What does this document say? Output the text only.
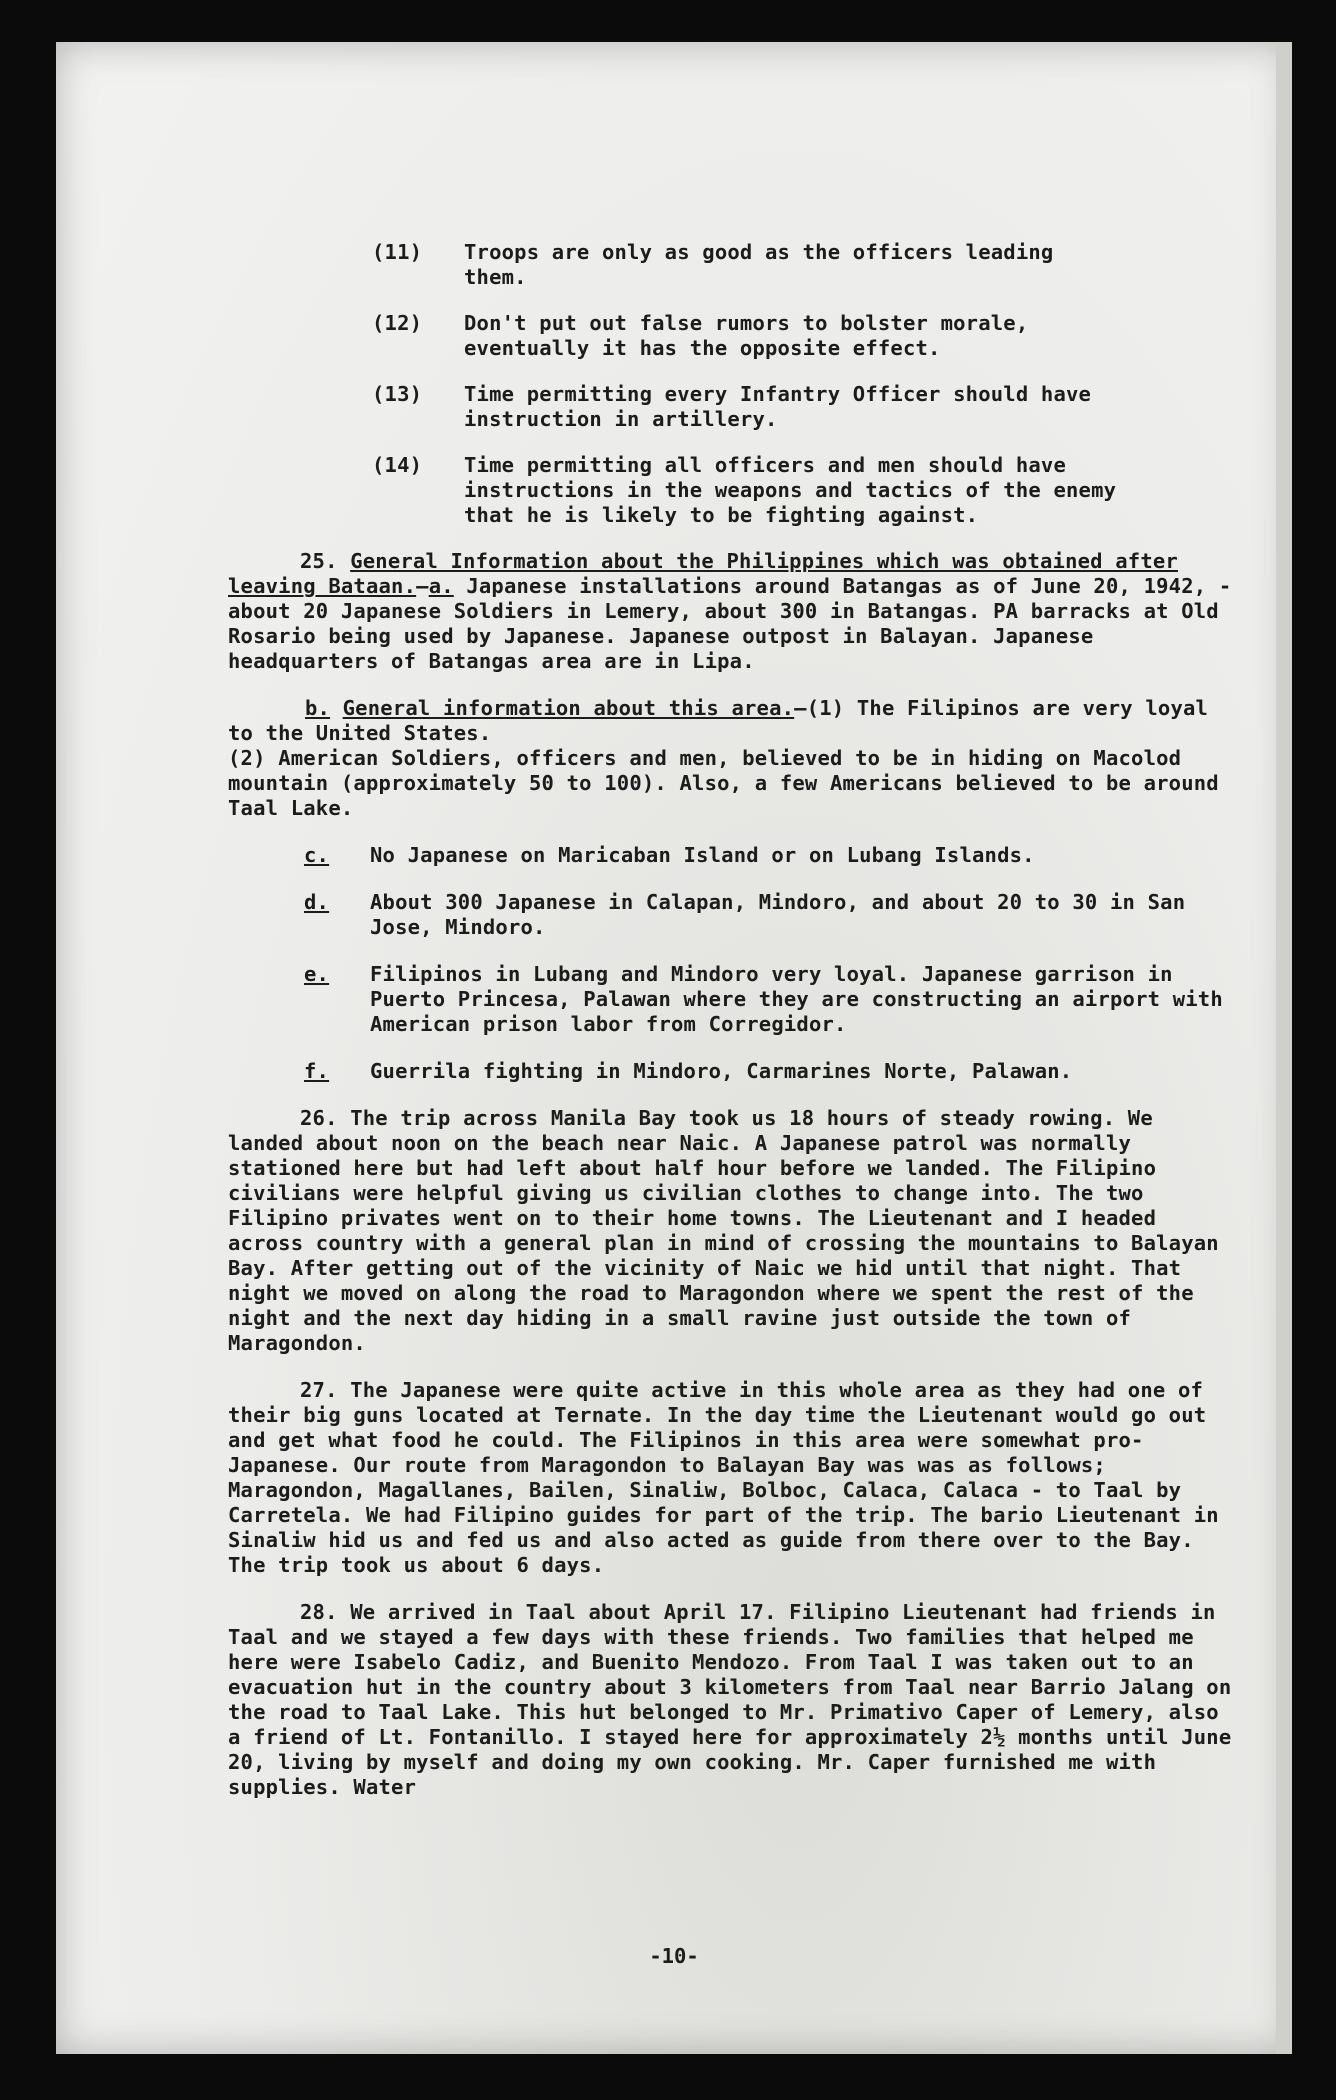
(11) Troops are only as good as the officers leading them.
(12) Don't put out false rumors to bolster morale, eventually it has the opposite effect.
(13) Time permitting every Infantry Officer should have instruction in artillery.
(14) Time permitting all officers and men should have instructions in the weapons and tactics of the enemy that he is likely to be fighting against.

25. General Information about the Philippines which was obtained after leaving Bataan.—a. Japanese installations around Batangas as of June 20, 1942, - about 20 Japanese Soldiers in Lemery, about 300 in Batangas. PA barracks at Old Rosario being used by Japanese. Japanese outpost in Balayan. Japanese headquarters of Batangas area are in Lipa.

b. General information about this area.—(1) The Filipinos are very loyal to the United States.
(2) American Soldiers, officers and men, believed to be in hiding on Macolod mountain (approximately 50 to 100). Also, a few Americans believed to be around Taal Lake.

c. No Japanese on Maricaban Island or on Lubang Islands.
d. About 300 Japanese in Calapan, Mindoro, and about 20 to 30 in San Jose, Mindoro.
e. Filipinos in Lubang and Mindoro very loyal. Japanese garrison in Puerto Princesa, Palawan where they are constructing an airport with American prison labor from Corregidor.
f. Guerrila fighting in Mindoro, Carmarines Norte, Palawan.

26. The trip across Manila Bay took us 18 hours of steady rowing. We landed about noon on the beach near Naic. A Japanese patrol was normally stationed here but had left about half hour before we landed. The Filipino civilians were helpful giving us civilian clothes to change into. The two Filipino privates went on to their home towns. The Lieutenant and I headed across country with a general plan in mind of crossing the mountains to Balayan Bay. After getting out of the vicinity of Naic we hid until that night. That night we moved on along the road to Maragondon where we spent the rest of the night and the next day hiding in a small ravine just outside the town of Maragondon.

27. The Japanese were quite active in this whole area as they had one of their big guns located at Ternate. In the day time the Lieutenant would go out and get what food he could. The Filipinos in this area were somewhat pro-Japanese. Our route from Maragondon to Balayan Bay was was as follows; Maragondon, Magallanes, Bailen, Sinaliw, Bolboc, Calaca, Calaca - to Taal by Carretela. We had Filipino guides for part of the trip. The bario Lieutenant in Sinaliw hid us and fed us and also acted as guide from there over to the Bay. The trip took us about 6 days.

28. We arrived in Taal about April 17. Filipino Lieutenant had friends in Taal and we stayed a few days with these friends. Two families that helped me here were Isabelo Cadiz, and Buenito Mendozo. From Taal I was taken out to an evacuation hut in the country about 3 kilometers from Taal near Barrio Jalang on the road to Taal Lake. This hut belonged to Mr. Primativo Caper of Lemery, also a friend of Lt. Fontanillo. I stayed here for approximately 2½ months until June 20, living by myself and doing my own cooking. Mr. Caper furnished me with supplies. Water

-10-
